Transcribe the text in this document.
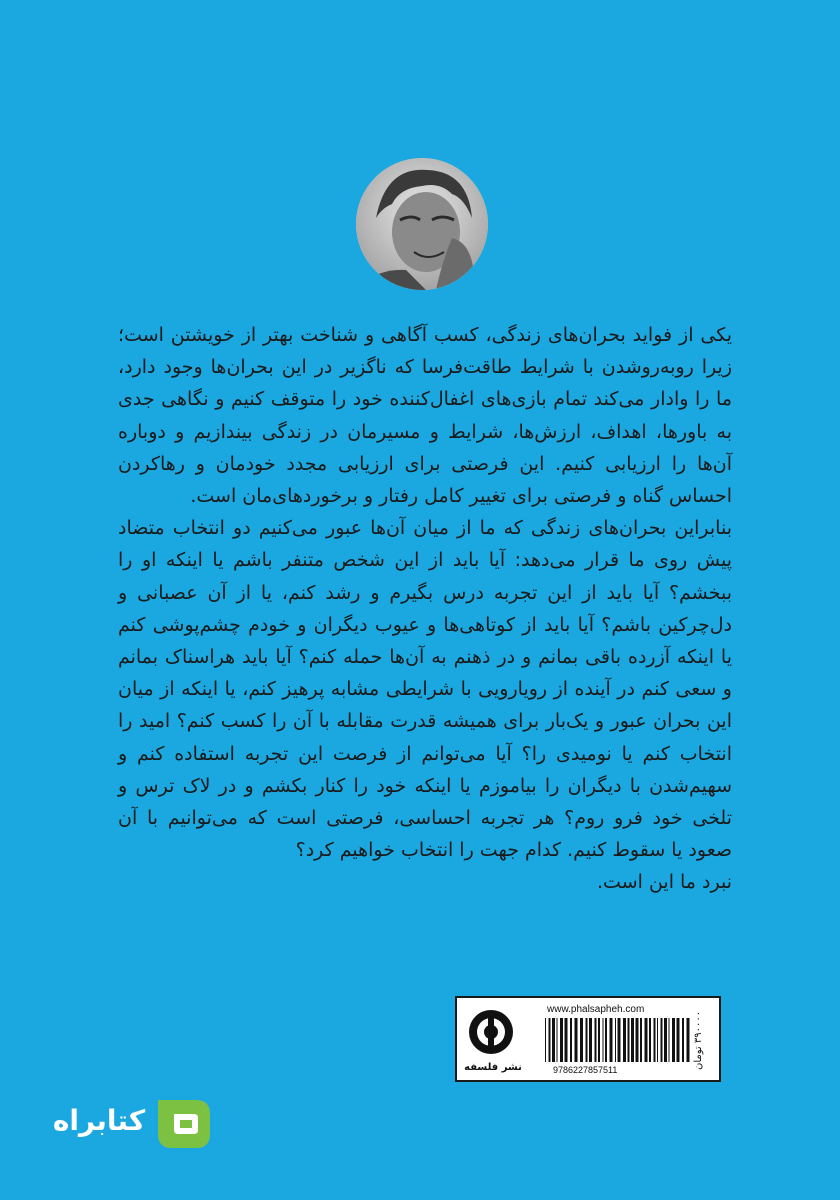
یکی از فواید بحران‌های زندگی، کسب آگاهی و شناخت بهتر از خویشتن است؛ زیرا روبه‌روشدن با شرایط طاقت‌فرسا که ناگزیر در این بحران‌ها وجود دارد، ما را وادار می‌کند تمام بازی‌های اغفال‌کننده خود را متوقف کنیم و نگاهی جدی به باورها، اهداف، ارزش‌ها، شرایط و مسیرمان در زندگی بیندازیم و دوباره آن‌ها را ارزیابی کنیم. این فرصتی برای ارزیابی مجدد خودمان و رهاکردن احساس گناه و فرصتی برای تغییر کامل رفتار و برخوردهای‌مان است.

بنابراین بحران‌های زندگی که ما از میان آن‌ها عبور می‌کنیم دو انتخاب متضاد پیش روی ما قرار می‌دهد: آیا باید از این شخص متنفر باشم یا اینکه او را ببخشم؟ آیا باید از این تجربه درس بگیرم و رشد کنم، یا از آن عصبانی و دل‌چرکین باشم؟ آیا باید از کوتاهی‌ها و عیوب دیگران و خودم چشم‌پوشی کنم یا اینکه آزرده باقی بمانم و در ذهنم به آن‌ها حمله کنم؟ آیا باید هراسناک بمانم و سعی کنم در آینده از رویارویی با شرایطی مشابه پرهیز کنم، یا اینکه از میان این بحران عبور و یک‌بار برای همیشه قدرت مقابله با آن را کسب کنم؟ امید را انتخاب کنم یا نومیدی را؟ آیا می‌توانم از فرصت این تجربه استفاده کنم و سهیم‌شدن با دیگران را بیاموزم یا اینکه خود را کنار بکشم و در لاک ترس و تلخی خود فرو روم؟ هر تجربه احساسی، فرصتی است که می‌توانیم با آن صعود یا سقوط کنیم. کدام جهت را انتخاب خواهیم کرد؟

نبرد ما این است.

۳۹۰۰۰۰ تومان
www.phalsapheh.com
9786227857511
نشر فلسفه
کتابراه
